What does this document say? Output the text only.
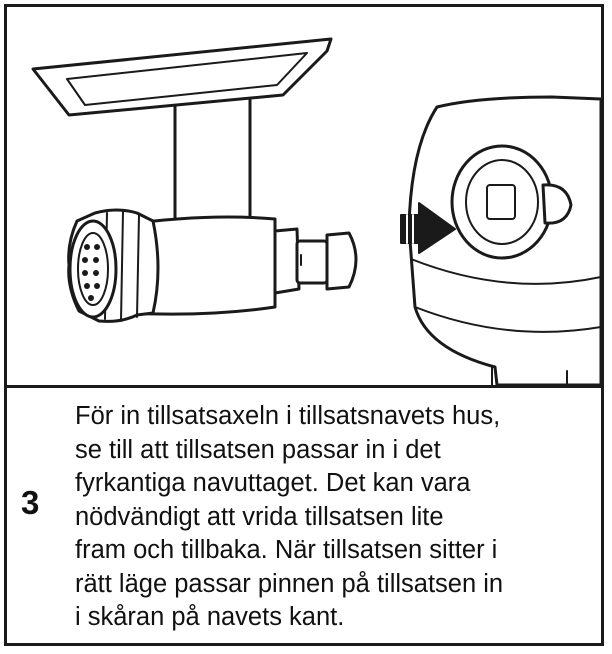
3
För in tillsatsaxeln i tillsatsnavets hus,
se till att tillsatsen passar in i det
fyrkantiga navuttaget. Det kan vara
nödvändigt att vrida tillsatsen lite
fram och tillbaka. När tillsatsen sitter i
rätt läge passar pinnen på tillsatsen in
i skåran på navets kant.
